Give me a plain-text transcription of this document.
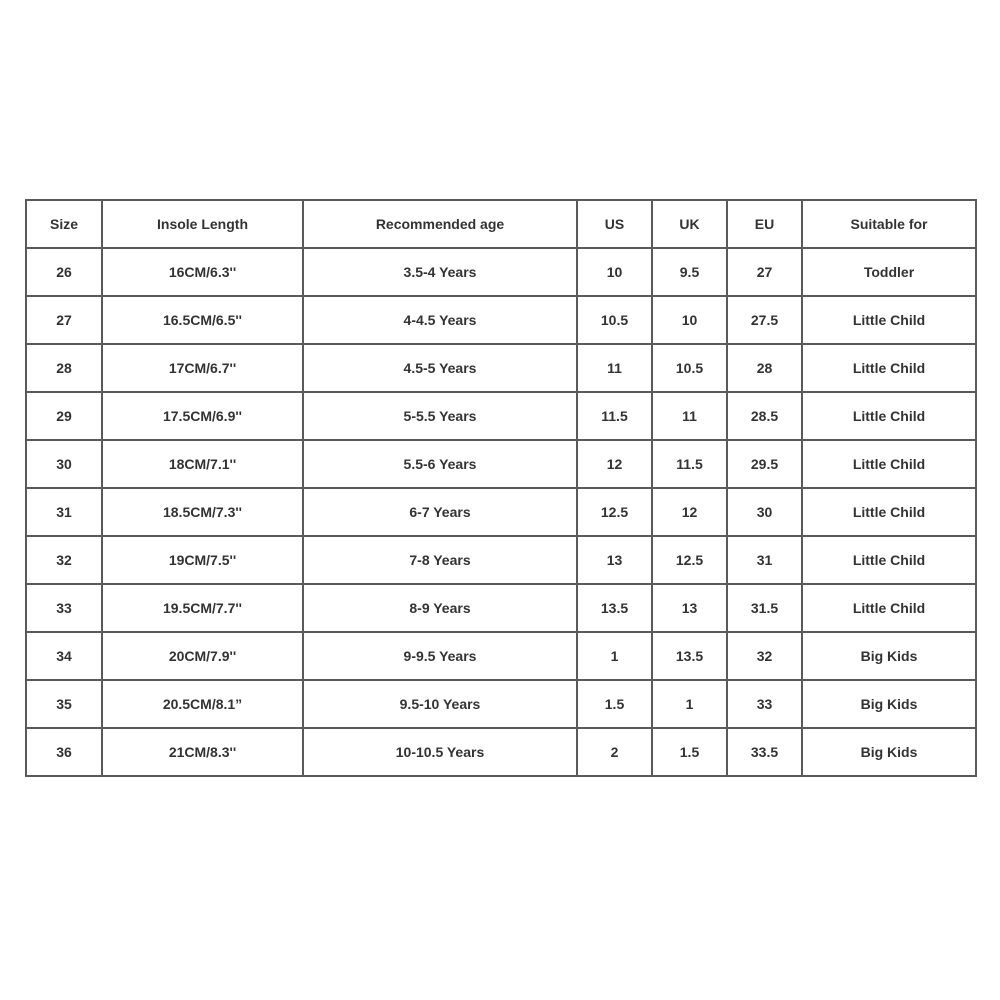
Size	Insole Length	Recommended age	US	UK	EU	Suitable for
26	16CM/6.3''	3.5-4 Years	10	9.5	27	Toddler
27	16.5CM/6.5''	4-4.5 Years	10.5	10	27.5	Little Child
28	17CM/6.7''	4.5-5 Years	11	10.5	28	Little Child
29	17.5CM/6.9''	5-5.5 Years	11.5	11	28.5	Little Child
30	18CM/7.1''	5.5-6 Years	12	11.5	29.5	Little Child
31	18.5CM/7.3''	6-7 Years	12.5	12	30	Little Child
32	19CM/7.5''	7-8 Years	13	12.5	31	Little Child
33	19.5CM/7.7''	8-9 Years	13.5	13	31.5	Little Child
34	20CM/7.9''	9-9.5 Years	1	13.5	32	Big Kids
35	20.5CM/8.1”	9.5-10 Years	1.5	1	33	Big Kids
36	21CM/8.3''	10-10.5 Years	2	1.5	33.5	Big Kids
